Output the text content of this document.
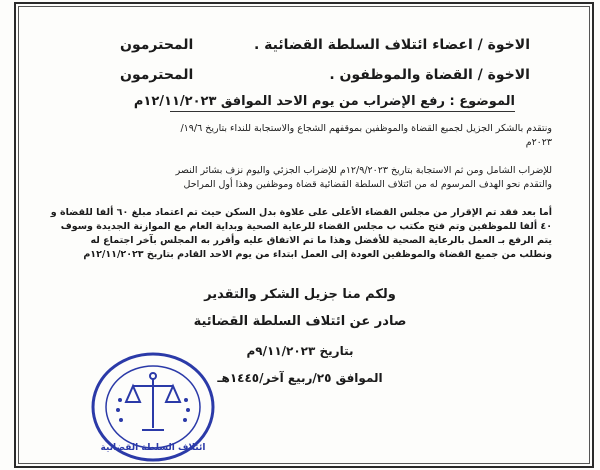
الاخوة / اعضاء ائتلاف السلطة القضائية .
المحترمون
الاخوة / القضاة والموظفون .
المحترمون
الموضوع : رفع الإضراب من يوم الاحد الموافق ١٢/١١/٢٠٢٣م
ونتقدم بالشكر الجزيل لجميع القضاة والموظفين بموقفهم الشجاع والاستجابة للنداء بتاريخ ١٩/٦/
٢٠٢٣م
للإضراب الشامل ومن ثم الاستجابة بتاريخ ١٢/٩/٢٠٢٣م للإضراب الجزئي واليوم نزف بشائر النصر
والتقدم نحو الهدف المرسوم له من ائتلاف السلطة القضائية قضاة وموظفين وهذا أول المراحل
أما بعد فقد تم الإقرار من مجلس القضاء الأعلى على علاوة بدل السكن حيث تم اعتماد مبلغ ٦٠ ألفا للقضاة و
٤٠ ألفا للموظفين وتم فتح مكتب ب مجلس القضاء للرعاية الصحية وبداية العام مع الموازنة الجديدة وسوف
يتم الرفع بـ العمل بالرعاية الصحية للأفضل وهذا ما تم الاتفاق عليه وأقرر به المجلس بآخر اجتماع له
ونطلب من جميع القضاة والموظفين العودة إلى العمل ابتداء من يوم الاحد القادم بتاريخ ١٢/١١/٢٠٢٣م
ولكم منا جزيل الشكر والتقدير
صادر عن ائتلاف السلطة القضائية
بتاريخ ٩/١١/٢٠٢٣م
الموافق ٢٥/ربيع آخر/١٤٤٥هـ
ائتلاف السلطة القضائية
